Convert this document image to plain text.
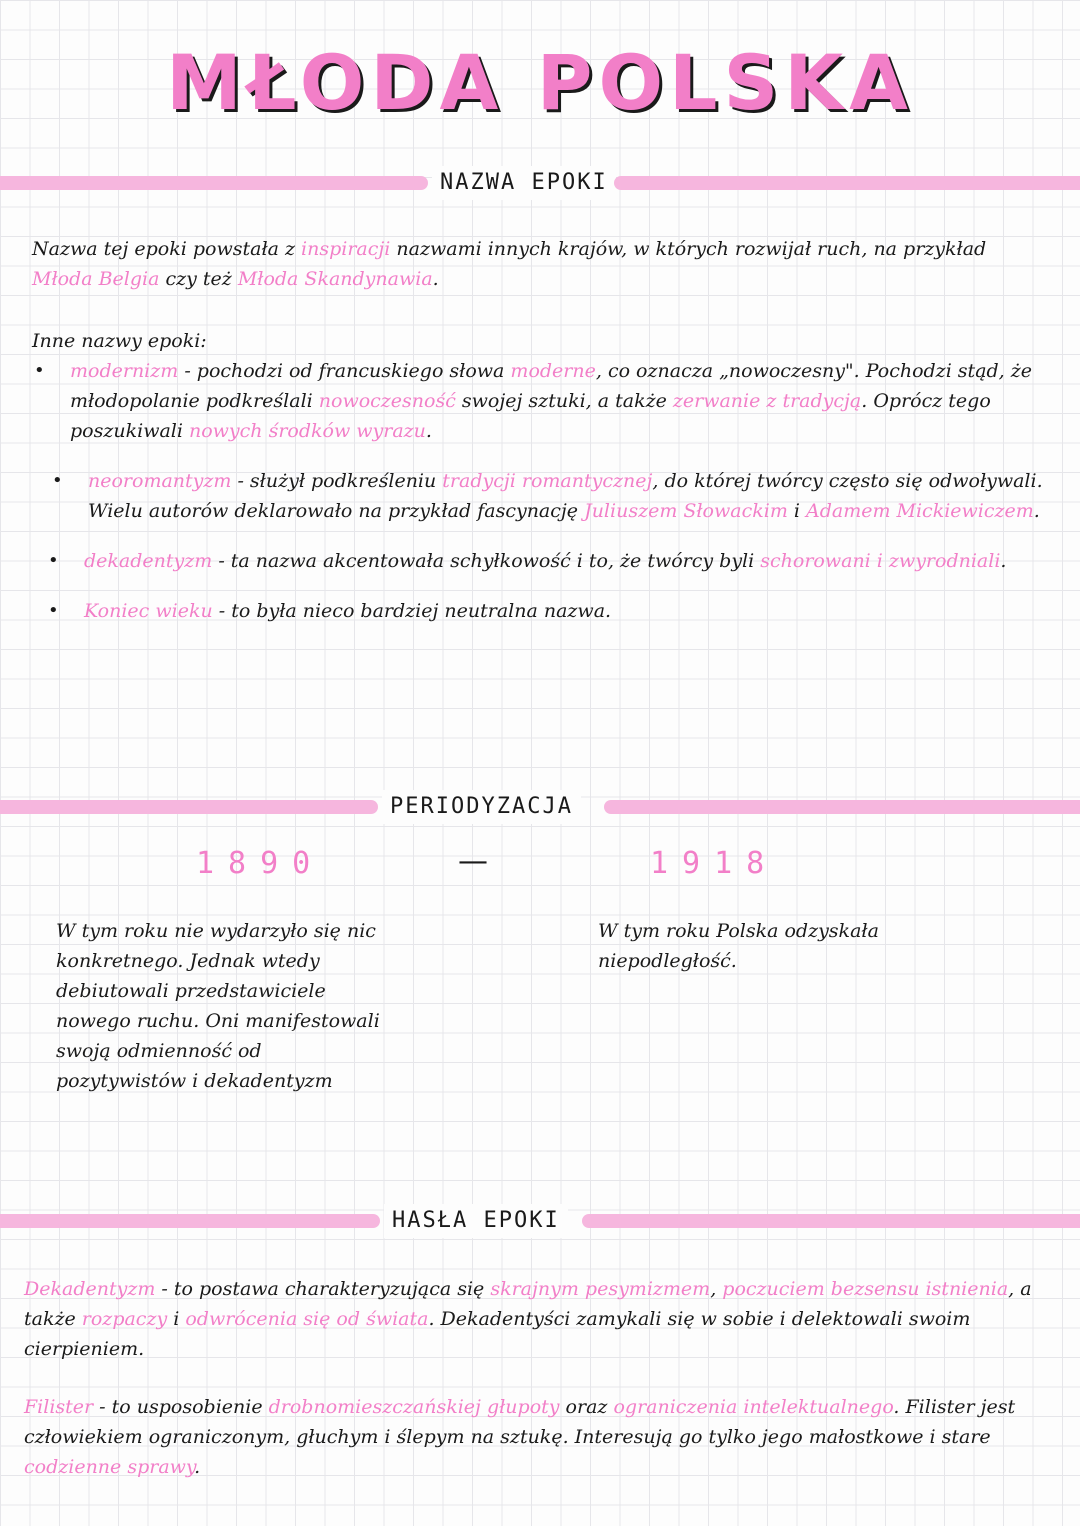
MŁODA POLSKA
NAZWA EPOKI

Nazwa tej epoki powstała z inspiracji nazwami innych krajów, w których rozwijał ruch, na przykład Młoda Belgia czy też Młoda Skandynawia.

Inne nazwy epoki:

• modernizm - pochodzi od francuskiego słowa moderne, co oznacza „nowoczesny". Pochodzi stąd, że młodopolanie podkreślali nowoczesność swojej sztuki, a także zerwanie z tradycją. Oprócz tego poszukiwali nowych środków wyrazu.
• neoromantyzm - służył podkreśleniu tradycji romantycznej, do której twórcy często się odwoływali. Wielu autorów deklarowało na przykład fascynację Juliuszem Słowackim i Adamem Mickiewiczem.
• dekadentyzm - ta nazwa akcentowała schyłkowość i to, że twórcy byli schorowani i zwyrodniali.
• Koniec wieku - to była nieco bardziej neutralna nazwa.
PERIODYZACJA
1890	—	1918

W tym roku nie wydarzyło się nic konkretnego. Jednak wtedy debiutowali przedstawiciele nowego ruchu. Oni manifestowali swoją odmienność od pozytywistów i dekadentyzm

W tym roku Polska odzyskała niepodległość.

HASŁA EPOKI

Dekadentyzm - to postawa charakteryzująca się skrajnym pesymizmem, poczuciem bezsensu istnienia, a także rozpaczy i odwrócenia się od świata. Dekadentyści zamykali się w sobie i delektowali swoim cierpieniem.

Filister - to usposobienie drobnomieszczańskiej głupoty oraz ograniczenia intelektualnego. Filister jest człowiekiem ograniczonym, głuchym i ślepym na sztukę. Interesują go tylko jego małostkowe i stare codzienne sprawy.
